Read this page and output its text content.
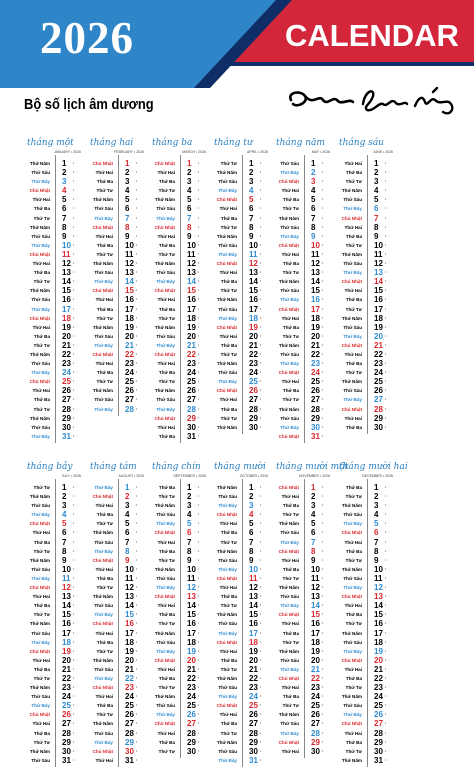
2026	CALENDAR
Bộ số lịch âm dương
Xuân Bính Ngọ
tháng một
JANUARY • 2026
Thứ Năm 1 •
Thứ Sáu 2 •
Thứ Bảy 3 •
Chủ Nhật 4 •
Thứ Hai 5 •
Thứ Ba 6 •
Thứ Tư 7 •
Thứ Năm 8 •
Thứ Sáu 9 •
Thứ Bảy 10 •
Chủ Nhật 11 •
Thứ Hai 12 •
Thứ Ba 13 •
Thứ Tư 14 •
Thứ Năm 15 •
Thứ Sáu 16 •
Thứ Bảy 17 •
Chủ Nhật 18 •
Thứ Hai 19 •
Thứ Ba 20 •
Thứ Tư 21 •
Thứ Năm 22 •
Thứ Sáu 23 •
Thứ Bảy 24 •
Chủ Nhật 25 •
Thứ Hai 26 •
Thứ Ba 27 •
Thứ Tư 28 •
Thứ Năm 29 •
Thứ Sáu 30 •
Thứ Bảy 31 •
tháng hai
FEBRUARY • 2026
Chủ Nhật 1 •
Thứ Hai 2 •
Thứ Ba 3 •
Thứ Tư 4 •
Thứ Năm 5 •
Thứ Sáu 6 •
Thứ Bảy 7 •
Chủ Nhật 8 •
Thứ Hai 9 •
Thứ Ba 10 •
Thứ Tư 11 •
Thứ Năm 12 •
Thứ Sáu 13 •
Thứ Bảy 14 •
Chủ Nhật 15 •
Thứ Hai 16 •
Thứ Ba 17 •
Thứ Tư 18 •
Thứ Năm 19 •
Thứ Sáu 20 •
Thứ Bảy 21 •
Chủ Nhật 22 •
Thứ Hai 23 •
Thứ Ba 24 •
Thứ Tư 25 •
Thứ Năm 26 •
Thứ Sáu 27 •
Thứ Bảy 28 •
tháng ba
MARCH • 2026
Chủ Nhật 1 •
Thứ Hai 2 •
Thứ Ba 3 •
Thứ Tư 4 •
Thứ Năm 5 •
Thứ Sáu 6 •
Thứ Bảy 7 •
Chủ Nhật 8 •
Thứ Hai 9 •
Thứ Ba 10 •
Thứ Tư 11 •
Thứ Năm 12 •
Thứ Sáu 13 •
Thứ Bảy 14 •
Chủ Nhật 15 •
Thứ Hai 16 •
Thứ Ba 17 •
Thứ Tư 18 •
Thứ Năm 19 •
Thứ Sáu 20 •
Thứ Bảy 21 •
Chủ Nhật 22 •
Thứ Hai 23 •
Thứ Ba 24 •
Thứ Tư 25 •
Thứ Năm 26 •
Thứ Sáu 27 •
Thứ Bảy 28 •
Chủ Nhật 29 •
Thứ Hai 30 •
Thứ Ba 31 •
tháng tư
APRIL • 2026
Thứ Tư 1 •
Thứ Năm 2 •
Thứ Sáu 3 •
Thứ Bảy 4 •
Chủ Nhật 5 •
Thứ Hai 6 •
Thứ Ba 7 •
Thứ Tư 8 •
Thứ Năm 9 •
Thứ Sáu 10 •
Thứ Bảy 11 •
Chủ Nhật 12 •
Thứ Hai 13 •
Thứ Ba 14 •
Thứ Tư 15 •
Thứ Năm 16 •
Thứ Sáu 17 •
Thứ Bảy 18 •
Chủ Nhật 19 •
Thứ Hai 20 •
Thứ Ba 21 •
Thứ Tư 22 •
Thứ Năm 23 •
Thứ Sáu 24 •
Thứ Bảy 25 •
Chủ Nhật 26 •
Thứ Hai 27 •
Thứ Ba 28 •
Thứ Tư 29 •
Thứ Năm 30 •
tháng năm
MAY • 2026
Thứ Sáu 1 •
Thứ Bảy 2 •
Chủ Nhật 3 •
Thứ Hai 4 •
Thứ Ba 5 •
Thứ Tư 6 •
Thứ Năm 7 •
Thứ Sáu 8 •
Thứ Bảy 9 •
Chủ Nhật 10 •
Thứ Hai 11 •
Thứ Ba 12 •
Thứ Tư 13 •
Thứ Năm 14 •
Thứ Sáu 15 •
Thứ Bảy 16 •
Chủ Nhật 17 •
Thứ Hai 18 •
Thứ Ba 19 •
Thứ Tư 20 •
Thứ Năm 21 •
Thứ Sáu 22 •
Thứ Bảy 23 •
Chủ Nhật 24 •
Thứ Hai 25 •
Thứ Ba 26 •
Thứ Tư 27 •
Thứ Năm 28 •
Thứ Sáu 29 •
Thứ Bảy 30 •
Chủ Nhật 31 •
tháng sáu
JUNE • 2026
Thứ Hai 1 •
Thứ Ba 2 •
Thứ Tư 3 •
Thứ Năm 4 •
Thứ Sáu 5 •
Thứ Bảy 6 •
Chủ Nhật 7 •
Thứ Hai 8 •
Thứ Ba 9 •
Thứ Tư 10 •
Thứ Năm 11 •
Thứ Sáu 12 •
Thứ Bảy 13 •
Chủ Nhật 14 •
Thứ Hai 15 •
Thứ Ba 16 •
Thứ Tư 17 •
Thứ Năm 18 •
Thứ Sáu 19 •
Thứ Bảy 20 •
Chủ Nhật 21 •
Thứ Hai 22 •
Thứ Ba 23 •
Thứ Tư 24 •
Thứ Năm 25 •
Thứ Sáu 26 •
Thứ Bảy 27 •
Chủ Nhật 28 •
Thứ Hai 29 •
Thứ Ba 30 •
tháng bảy
JULY • 2026
Thứ Tư 1 •
Thứ Năm 2 •
Thứ Sáu 3 •
Thứ Bảy 4 •
Chủ Nhật 5 •
Thứ Hai 6 •
Thứ Ba 7 •
Thứ Tư 8 •
Thứ Năm 9 •
Thứ Sáu 10 •
Thứ Bảy 11 •
Chủ Nhật 12 •
Thứ Hai 13 •
Thứ Ba 14 •
Thứ Tư 15 •
Thứ Năm 16 •
Thứ Sáu 17 •
Thứ Bảy 18 •
Chủ Nhật 19 •
Thứ Hai 20 •
Thứ Ba 21 •
Thứ Tư 22 •
Thứ Năm 23 •
Thứ Sáu 24 •
Thứ Bảy 25 •
Chủ Nhật 26 •
Thứ Hai 27 •
Thứ Ba 28 •
Thứ Tư 29 •
Thứ Năm 30 •
Thứ Sáu 31 •
tháng tám
AUGUST • 2026
Thứ Bảy 1 •
Chủ Nhật 2 •
Thứ Hai 3 •
Thứ Ba 4 •
Thứ Tư 5 •
Thứ Năm 6 •
Thứ Sáu 7 •
Thứ Bảy 8 •
Chủ Nhật 9 •
Thứ Hai 10 •
Thứ Ba 11 •
Thứ Tư 12 •
Thứ Năm 13 •
Thứ Sáu 14 •
Thứ Bảy 15 •
Chủ Nhật 16 •
Thứ Hai 17 •
Thứ Ba 18 •
Thứ Tư 19 •
Thứ Năm 20 •
Thứ Sáu 21 •
Thứ Bảy 22 •
Chủ Nhật 23 •
Thứ Hai 24 •
Thứ Ba 25 •
Thứ Tư 26 •
Thứ Năm 27 •
Thứ Sáu 28 •
Thứ Bảy 29 •
Chủ Nhật 30 •
Thứ Hai 31 •
tháng chín
SEPTEMBER • 2026
Thứ Ba 1 •
Thứ Tư 2 •
Thứ Năm 3 •
Thứ Sáu 4 •
Thứ Bảy 5 •
Chủ Nhật 6 •
Thứ Hai 7 •
Thứ Ba 8 •
Thứ Tư 9 •
Thứ Năm 10 •
Thứ Sáu 11 •
Thứ Bảy 12 •
Chủ Nhật 13 •
Thứ Hai 14 •
Thứ Ba 15 •
Thứ Tư 16 •
Thứ Năm 17 •
Thứ Sáu 18 •
Thứ Bảy 19 •
Chủ Nhật 20 •
Thứ Hai 21 •
Thứ Ba 22 •
Thứ Tư 23 •
Thứ Năm 24 •
Thứ Sáu 25 •
Thứ Bảy 26 •
Chủ Nhật 27 •
Thứ Hai 28 •
Thứ Ba 29 •
Thứ Tư 30 •
tháng mười
OCTOBER • 2026
Thứ Năm 1 •
Thứ Sáu 2 •
Thứ Bảy 3 •
Chủ Nhật 4 •
Thứ Hai 5 •
Thứ Ba 6 •
Thứ Tư 7 •
Thứ Năm 8 •
Thứ Sáu 9 •
Thứ Bảy 10 •
Chủ Nhật 11 •
Thứ Hai 12 •
Thứ Ba 13 •
Thứ Tư 14 •
Thứ Năm 15 •
Thứ Sáu 16 •
Thứ Bảy 17 •
Chủ Nhật 18 •
Thứ Hai 19 •
Thứ Ba 20 •
Thứ Tư 21 •
Thứ Năm 22 •
Thứ Sáu 23 •
Thứ Bảy 24 •
Chủ Nhật 25 •
Thứ Hai 26 •
Thứ Ba 27 •
Thứ Tư 28 •
Thứ Năm 29 •
Thứ Sáu 30 •
Thứ Bảy 31 •
tháng mười một
NOVEMBER • 2026
Chủ Nhật 1 •
Thứ Hai 2 •
Thứ Ba 3 •
Thứ Tư 4 •
Thứ Năm 5 •
Thứ Sáu 6 •
Thứ Bảy 7 •
Chủ Nhật 8 •
Thứ Hai 9 •
Thứ Ba 10 •
Thứ Tư 11 •
Thứ Năm 12 •
Thứ Sáu 13 •
Thứ Bảy 14 •
Chủ Nhật 15 •
Thứ Hai 16 •
Thứ Ba 17 •
Thứ Tư 18 •
Thứ Năm 19 •
Thứ Sáu 20 •
Thứ Bảy 21 •
Chủ Nhật 22 •
Thứ Hai 23 •
Thứ Ba 24 •
Thứ Tư 25 •
Thứ Năm 26 •
Thứ Sáu 27 •
Thứ Bảy 28 •
Chủ Nhật 29 •
Thứ Hai 30 •
tháng mười hai
DECEMBER • 2026
Thứ Ba 1 •
Thứ Tư 2 •
Thứ Năm 3 •
Thứ Sáu 4 •
Thứ Bảy 5 •
Chủ Nhật 6 •
Thứ Hai 7 •
Thứ Ba 8 •
Thứ Tư 9 •
Thứ Năm 10 •
Thứ Sáu 11 •
Thứ Bảy 12 •
Chủ Nhật 13 •
Thứ Hai 14 •
Thứ Ba 15 •
Thứ Tư 16 •
Thứ Năm 17 •
Thứ Sáu 18 •
Thứ Bảy 19 •
Chủ Nhật 20 •
Thứ Hai 21 •
Thứ Ba 22 •
Thứ Tư 23 •
Thứ Năm 24 •
Thứ Sáu 25 •
Thứ Bảy 26 •
Chủ Nhật 27 •
Thứ Hai 28 •
Thứ Ba 29 •
Thứ Tư 30 •
Thứ Năm 31 •
